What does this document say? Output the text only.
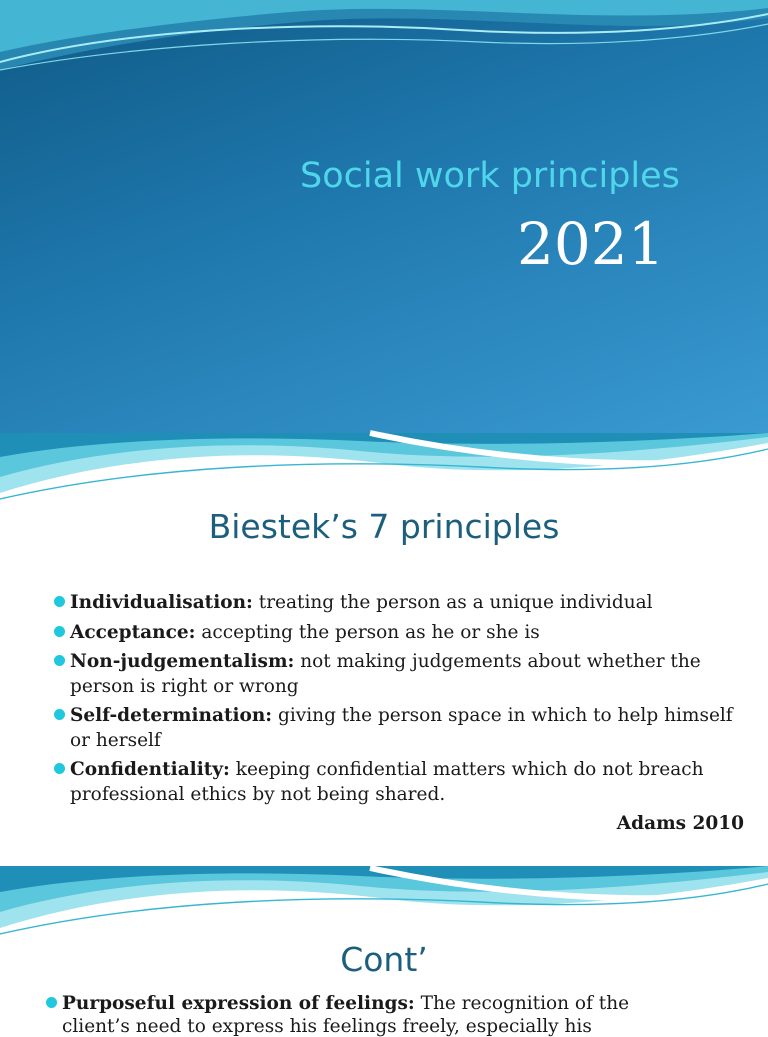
Social work principles
2021
Biestek’s 7 principles
Individualisation: treating the person as a unique individual
Acceptance: accepting the person as he or she is
Non-judgementalism: not making judgements about whether the person is right or wrong
Self-determination: giving the person space in which to help himself or herself
Confidentiality: keeping confidential matters which do not breach professional ethics by not being shared.
Adams 2010
Cont’
Purposeful expression of feelings: The recognition of the
client’s need to express his feelings freely, especially his
